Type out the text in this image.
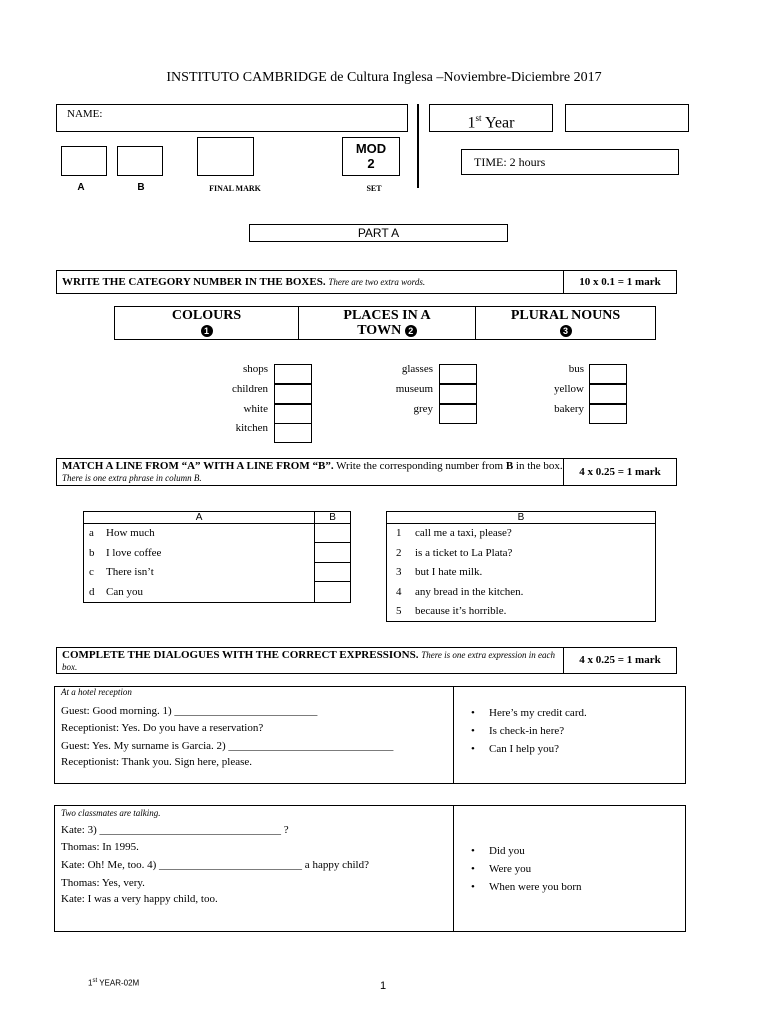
INSTITUTO CAMBRIDGE de Cultura Inglesa –Noviembre-Diciembre 2017
NAME:
1st Year
MOD
2	TIME: 2 hours
A	B	FINAL MARK	SET
PART A
WRITE THE CATEGORY NUMBER IN THE BOXES. There are two extra words.	10 x 0.1 = 1 mark
COLOURS
1
PLACES IN A
TOWN 2
PLURAL NOUNS
3
shops
children
white
kitchen
glasses
museum
grey
bus
yellow
bakery
MATCH A LINE FROM “A” WITH A LINE FROM “B”. Write the corresponding number from B in the box. There is one extra phrase in column B.	4 x 0.25 = 1 mark
A	B
a How much	
b I love coffee	
c There isn’t	
d Can you	
B
1 call me a taxi, please?
2 is a ticket to La Plata?
3 but I hate milk.
4 any bread in the kitchen.
5 because it’s horrible.
COMPLETE THE DIALOGUES WITH THE CORRECT EXPRESSIONS. There is one extra expression in each box.
4 x 0.25 = 1 mark
At a hotel reception
Guest: Good morning. 1) __________________________
Receptionist: Yes. Do you have a reservation?
Guest: Yes. My surname is Garcia. 2) ______________________________
Receptionist: Thank you. Sign here, please.
• Here’s my credit card.
• Is check-in here?
• Can I help you?
Two classmates are talking.
Kate: 3) _________________________________ ?
Thomas: In 1995.
Kate: Oh! Me, too. 4) __________________________ a happy child?
Thomas: Yes, very.
Kate: I was a very happy child, too.
• Did you
• Were you
• When were you born
1st YEAR-02M	1
